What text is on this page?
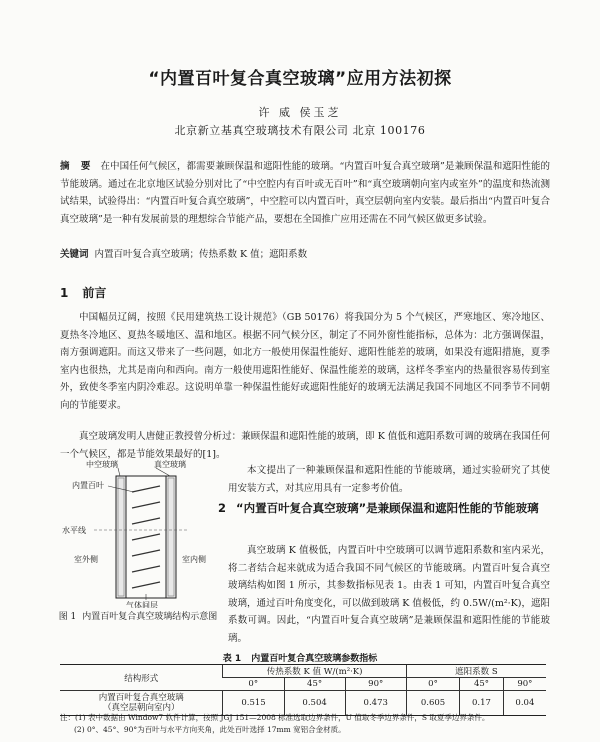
“内置百叶复合真空玻璃”应用方法初探
许 威 侯玉芝
北京新立基真空玻璃技术有限公司 北京 100176

摘 要 在中国任何气候区，都需要兼顾保温和遮阳性能的玻璃。“内置百叶复合真空玻璃”是兼顾保温和遮阳性能的节能玻璃。通过在北京地区试验分别对比了“中空腔内有百叶或无百叶”和“真空玻璃朝向室内或室外”的温度和热流测试结果，试验得出：“内置百叶复合真空玻璃”，中空腔可以内置百叶，真空层朝向室内安装。最后指出“内置百叶复合真空玻璃”是一种有发展前景的理想综合节能产品，要想在全国推广应用还需在不同气候区做更多试验。

关键词 内置百叶复合真空玻璃；传热系数 K 值；遮阳系数

1 前言

中国幅员辽阔，按照《民用建筑热工设计规范》（GB 50176）将我国分为 5 个气候区，严寒地区、寒冷地区、夏热冬冷地区、夏热冬暖地区、温和地区。根据不同气候分区，制定了不同外窗性能指标，总体为：北方强调保温，南方强调遮阳。而这又带来了一些问题，如北方一般使用保温性能好、遮阳性能差的玻璃，如果没有遮阳措施，夏季室内也很热，尤其是南向和西向。南方一般使用遮阳性能好、保温性能差的玻璃，这样冬季室内的热量很容易传到室外，致使冬季室内阴冷难忍。这说明单靠一种保温性能好或遮阳性能好的玻璃无法满足我国不同地区不同季节不同朝向的节能要求。

真空玻璃发明人唐健正教授曾分析过：兼顾保温和遮阳性能的玻璃，即 K 值低和遮阳系数可调的玻璃在我国任何一个气候区，都是节能效果最好的[1]。

中空玻璃	真空玻璃
内置百叶
水平线
室外侧	室内侧
气体间层

图 1 内置百叶复合真空玻璃结构示意图

本文提出了一种兼顾保温和遮阳性能的节能玻璃，通过实验研究了其使用安装方式，对其应用具有一定参考价值。

2 “内置百叶复合真空玻璃”是兼顾保温和遮阳性能的节能玻璃

真空玻璃 K 值极低，内置百叶中空玻璃可以调节遮阳系数和室内采光，将二者结合起来就成为适合我国不同气候区的节能玻璃。内置百叶复合真空玻璃结构如图 1 所示，其参数指标见表 1。由表 1 可知，内置百叶复合真空玻璃，通过百叶角度变化，可以做到玻璃 K 值极低，约 0.5W/(m²·K)，遮阳系数可调。因此，“内置百叶复合真空玻璃”是兼顾保温和遮阳性能的节能玻璃。

表 1 内置百叶复合真空玻璃参数指标
结构形式	传热系数 K 值 W/(m²·K)			遮阳系数 S		
	0°	45°	90°	0°	45°	90°

内置百叶复合真空玻璃
（真空层朝向室内）	0.515	0.504	0.473	0.605	0.17	0.04
注：(1) 表中数据由 Window7 软件计算，按照 JGJ 151—2008 标准选取边界条件，U 值取冬季边界条件，S 取夏季边界条件。
(2) 0°、45°、90°为百叶与水平方向夹角，此处百叶选择 17mm 宽铝合金材质。
